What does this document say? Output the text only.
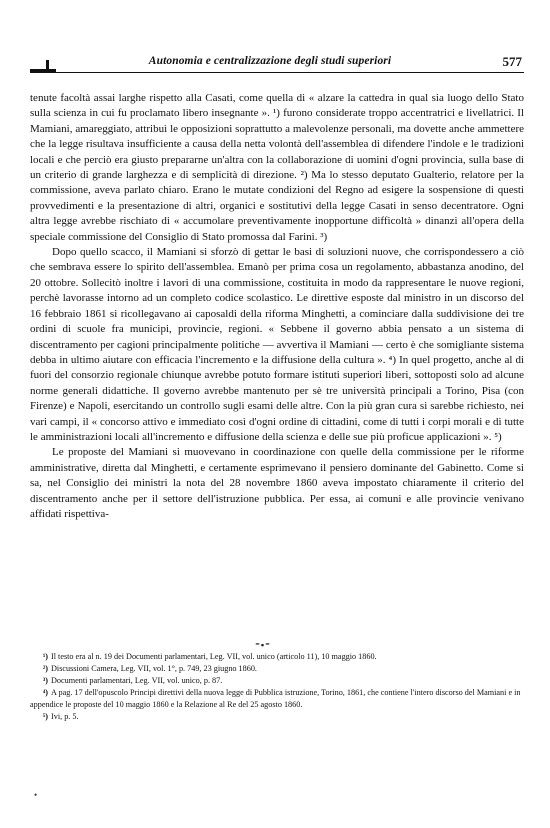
Autonomia e centralizzazione degli studi superiori	577

tenute facoltà assai larghe rispetto alla Casati, come quella di « alzare la cattedra in qual sia luogo dello Stato sulla scienza in cui fu proclamato libero insegnante ». ¹) furono considerate troppo accentratrici e livellatrici. Il Mamiani, amareggiato, attribuì le opposizioni soprattutto a malevolenze personali, ma dovette anche ammettere che la legge risultava insufficiente a causa della netta volontà dell'assemblea di difendere l'indole e le tradizioni locali e che perciò era giusto prepararne un'altra con la collaborazione di uomini d'ogni provincia, sulla base di un criterio di grande larghezza e di semplicità di direzione. ²) Ma lo stesso deputato Gualterio, relatore per la commissione, aveva parlato chiaro. Erano le mutate condizioni del Regno ad esigere la sospensione di questi provvedimenti e la presentazione di altri, organici e sostitutivi della legge Casati in senso decentratore. Ogni altra legge avrebbe rischiato di « accumolare preventivamente inopportune difficoltà » dinanzi all'opera della speciale commissione del Consiglio di Stato promossa dal Farini. ³)

Dopo quello scacco, il Mamiani si sforzò di gettar le basi di soluzioni nuove, che corrispondessero a ciò che sembrava essere lo spirito dell'assemblea. Emanò per prima cosa un regolamento, abbastanza anodino, del 20 ottobre. Sollecitò inoltre i lavori di una commissione, costituita in modo da rappresentare le nuove regioni, perchè lavorasse intorno ad un completo codice scolastico. Le direttive esposte dal ministro in un discorso del 16 febbraio 1861 si ricollegavano ai caposaldi della riforma Minghetti, a cominciare dalla suddivisione dei tre ordini di scuole fra municipi, provincie, regioni. « Sebbene il governo abbia pensato a un sistema di discentramento per cagioni principalmente politiche — avvertiva il Mamiani — certo è che somigliante sistema debba in ultimo aiutare con efficacia l'incremento e la diffusione della cultura ». ⁴) In quel progetto, anche al di fuori del consorzio regionale chiunque avrebbe potuto formare istituti superiori liberi, sottoposti solo ad alcune norme generali didattiche. Il governo avrebbe mantenuto per sè tre università principali a Torino, Pisa (con Firenze) e Napoli, esercitando un controllo sugli esami delle altre. Con la più gran cura si sarebbe richiesto, nei vari campi, il « concorso attivo e immediato così d'ogni ordine di cittadini, come di tutti i corpi morali e di tutte le amministrazioni locali all'incremento e diffusione della scienza e delle sue più proficue applicazioni ». ⁵)

Le proposte del Mamiani si muovevano in coordinazione con quelle della commissione per le riforme amministrative, diretta dal Minghetti, e certamente esprimevano il pensiero dominante del Gabinetto. Come si sa, nel Consiglio dei ministri la nota del 28 novembre 1860 aveva impostato chiaramente il criterio del discentramento anche per il settore dell'istruzione pubblica. Per essa, ai comuni e alle provincie venivano affidati rispettiva-

⁼▪⁼
¹) Il testo era al n. 19 dei Documenti parlamentari, Leg. VII, vol. unico (articolo 11), 10 maggio 1860.
²) Discussioni Camera, Leg. VII, vol. 1°, p. 749, 23 giugno 1860.
³) Documenti parlamentari, Leg. VII, vol. unico, p. 87.
⁴) A pag. 17 dell'opuscolo Principi direttivi della nuova legge di Pubblica istruzione, Torino, 1861, che contiene l'intero discorso del Mamiani e in appendice le proposte del 10 maggio 1860 e la Relazione al Re del 25 agosto 1860.
⁵) Ivi, p. 5.
•
